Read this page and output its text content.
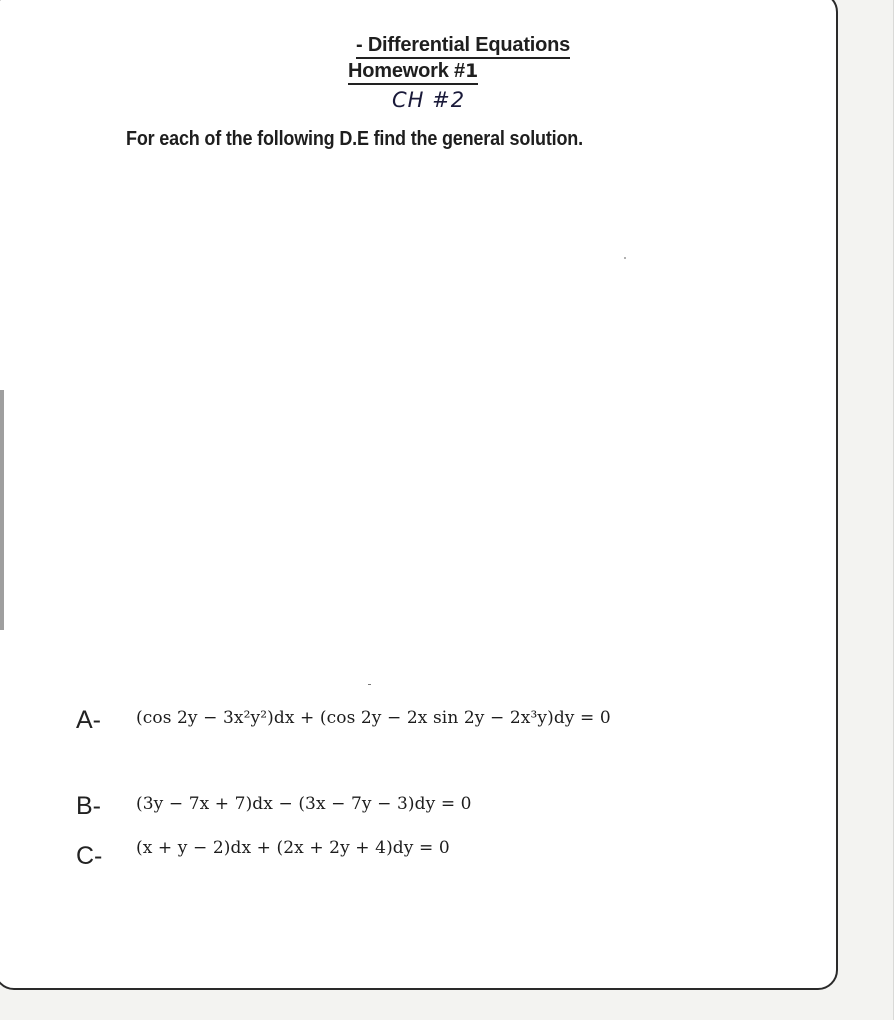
- Differential Equations
Homework #1
CH #2
For each of the following D.E find the general solution.
A- (cos 2y − 3x²y²)dx + (cos 2y − 2x sin 2y − 2x³y)dy = 0
B- (3y − 7x + 7)dx − (3x − 7y − 3)dy = 0
C- (x + y − 2)dx + (2x + 2y + 4)dy = 0
